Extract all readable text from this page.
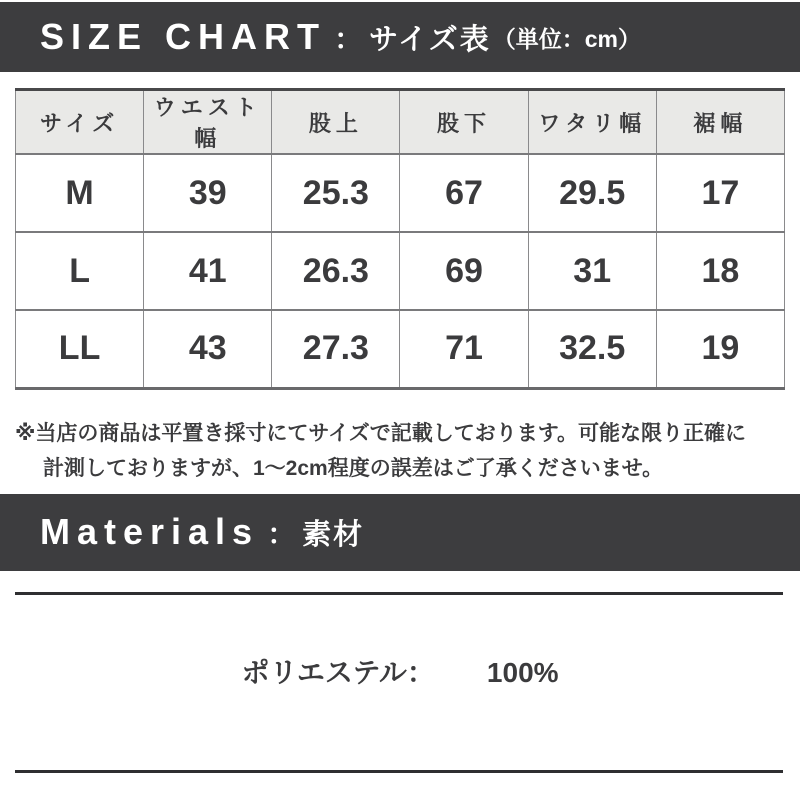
SIZE CHART ： サイズ表 （単位：cm）
サイズ	ウエスト幅	股上	股下	ワタリ幅	裾幅
M	39	25.3	67	29.5	17
L	41	26.3	69	31	18
LL	43	27.3	71	32.5	19
※当店の商品は平置き採寸にてサイズで記載しております。可能な限り正確に
計測しておりますが、1〜2cm程度の誤差はご了承くださいませ。
Materials ： 素材
ポリエステル： 100%
